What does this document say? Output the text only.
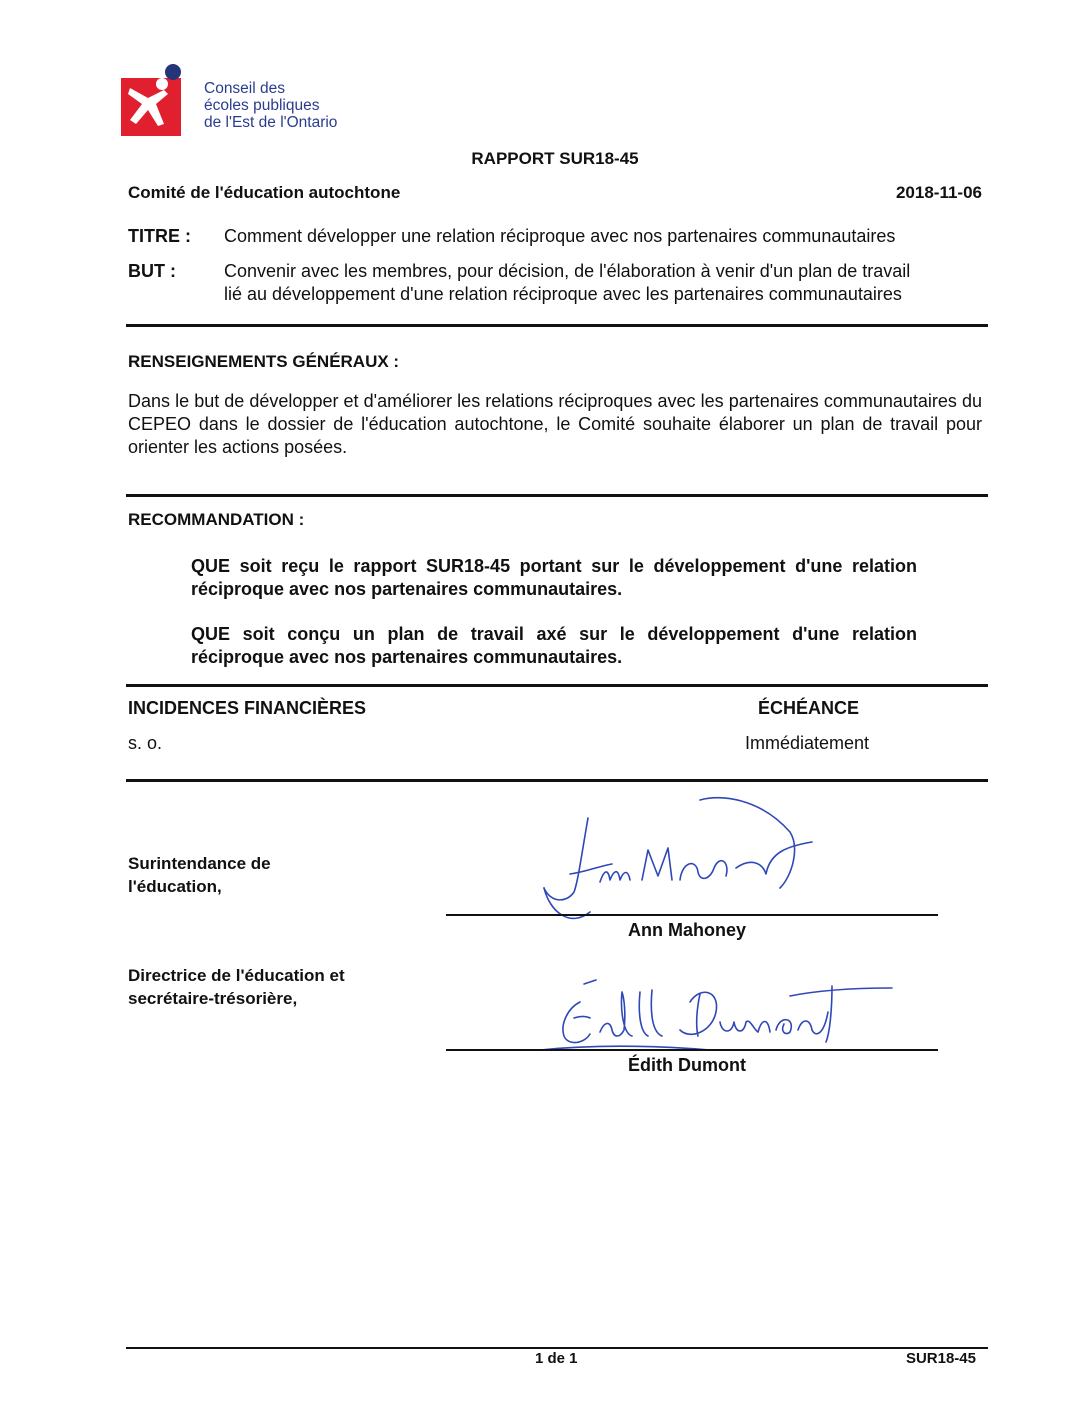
Conseil des
écoles publiques
de l'Est de l'Ontario
RAPPORT SUR18-45
Comité de l'éducation autochtone	2018-11-06
TITRE : Comment développer une relation réciproque avec nos partenaires communautaires
BUT :	Convenir avec les membres, pour décision, de l'élaboration à venir d'un plan de travail
lié au développement d'une relation réciproque avec les partenaires communautaires
RENSEIGNEMENTS GÉNÉRAUX :
Dans le but de développer et d'améliorer les relations réciproques avec les partenaires communautaires du CEPEO dans le dossier de l'éducation autochtone, le Comité souhaite élaborer un plan de travail pour orienter les actions posées.
RECOMMANDATION :
QUE soit reçu le rapport SUR18-45 portant sur le développement d'une relation réciproque avec nos partenaires communautaires.
QUE soit conçu un plan de travail axé sur le développement d'une relation réciproque avec nos partenaires communautaires.
INCIDENCES FINANCIÈRES	ÉCHÉANCE
s. o.	Immédiatement
Surintendance de
l'éducation,
Ann Mahoney
Directrice de l'éducation et
secrétaire-trésorière,
Édith Dumont
1 de 1	SUR18-45
